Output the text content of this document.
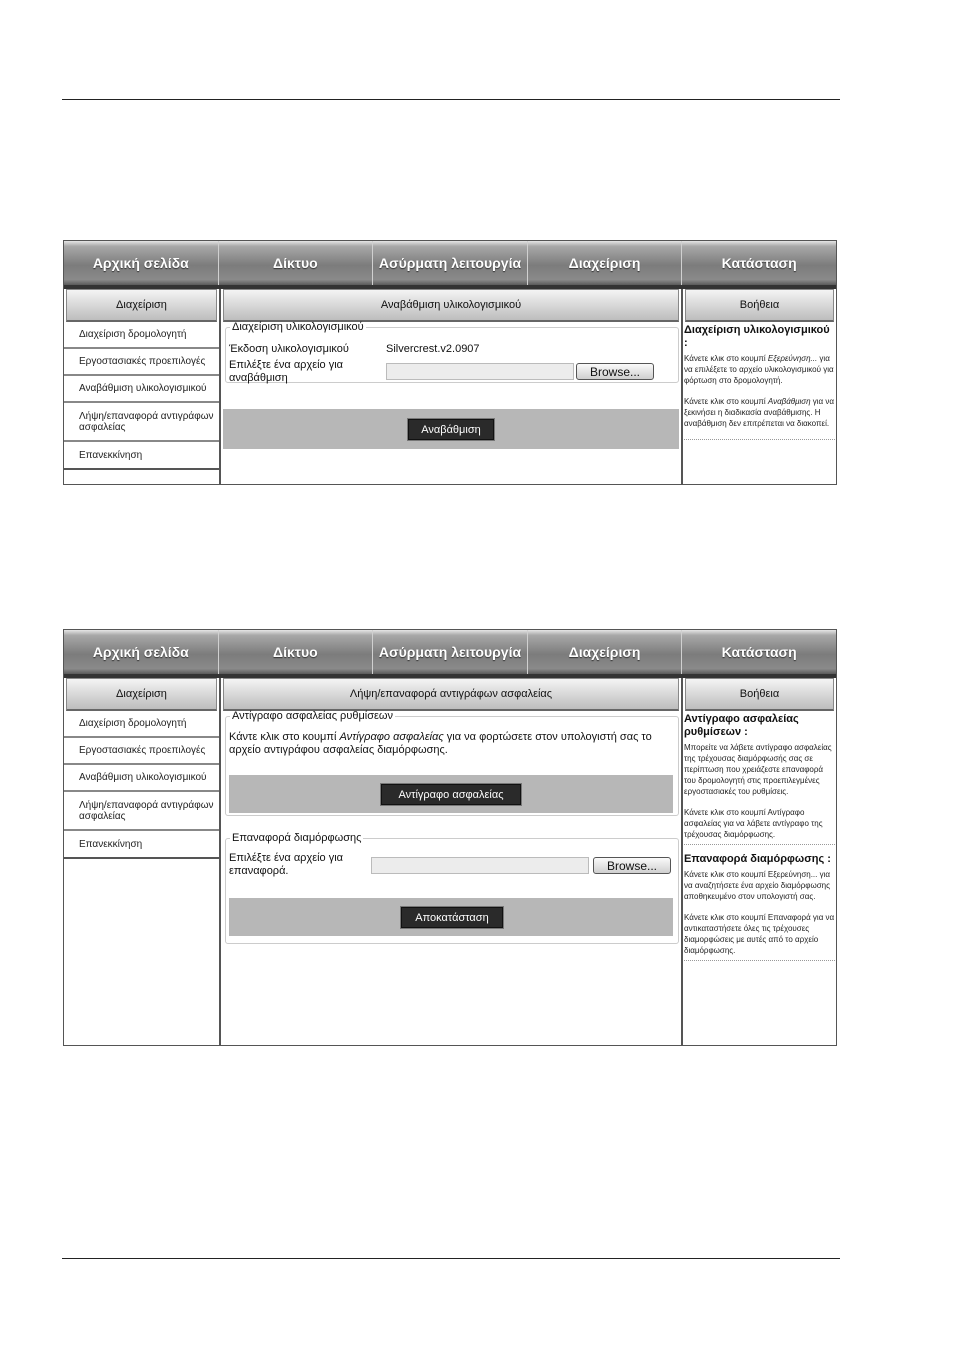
Αρχική σελίδα	Δίκτυο	Ασύρματη λειτουργία	Διαχείριση	Κατάσταση
Διαχείριση
Διαχείριση δρομολογητή
Εργοστασιακές προεπιλογές
Αναβάθμιση υλικολογισμικού
Λήψη/επαναφορά αντιγράφων ασφαλείας
Επανεκκίνηση
Αναβάθμιση υλικολογισμικού
Διαχείριση υλικολογισμικού
Έκδοση υλικολογισμικού	Silvercrest.v2.0907
Επιλέξτε ένα αρχείο για αναβάθμιση	Browse...
Αναβάθμιση
Βοήθεια
Διαχείριση υλικολογισμικού :

Κάνετε κλικ στο κουμπί Εξερεύνηση... για να επιλέξετε το αρχείο υλικολογισμικού για φόρτωση στο δρομολογητή.

Κάνετε κλικ στο κουμπί Αναβάθμιση για να ξεκινήσει η διαδικασία αναβάθμισης. Η αναβάθμιση δεν επιτρέπεται να διακοπεί.

Αρχική σελίδα	Δίκτυο	Ασύρματη λειτουργία	Διαχείριση	Κατάσταση
Διαχείριση
Διαχείριση δρομολογητή
Εργοστασιακές προεπιλογές
Αναβάθμιση υλικολογισμικού
Λήψη/επαναφορά αντιγράφων ασφαλείας
Επανεκκίνηση
Λήψη/επαναφορά αντιγράφων ασφαλείας
Αντίγραφο ασφαλείας ρυθμίσεων
Κάντε κλικ στο κουμπί Αντίγραφο ασφαλείας για να φορτώσετε στον υπολογιστή σας το αρχείο αντιγράφου ασφαλείας διαμόρφωσης.
Αντίγραφο ασφαλείας
Επαναφορά διαμόρφωσης
Επιλέξτε ένα αρχείο για επαναφορά.	Browse...
Αποκατάσταση
Βοήθεια
Αντίγραφο ασφαλείας ρυθμίσεων :

Μπορείτε να λάβετε αντίγραφο ασφαλείας της τρέχουσας διαμόρφωσής σας σε περίπτωση που χρειάζεστε επαναφορά του δρομολογητή στις προεπιλεγμένες εργοστασιακές του ρυθμίσεις.

Κάνετε κλικ στο κουμπί Αντίγραφο ασφαλείας για να λάβετε αντίγραφο της τρέχουσας διαμόρφωσης.

Επαναφορά διαμόρφωσης :

Κάνετε κλικ στο κουμπί Εξερεύνηση... για να αναζητήσετε ένα αρχείο διαμόρφωσης αποθηκευμένο στον υπολογιστή σας.

Κάνετε κλικ στο κουμπί Επαναφορά για να αντικαταστήσετε όλες τις τρέχουσες διαμορφώσεις με αυτές από το αρχείο διαμόρφωσης.
